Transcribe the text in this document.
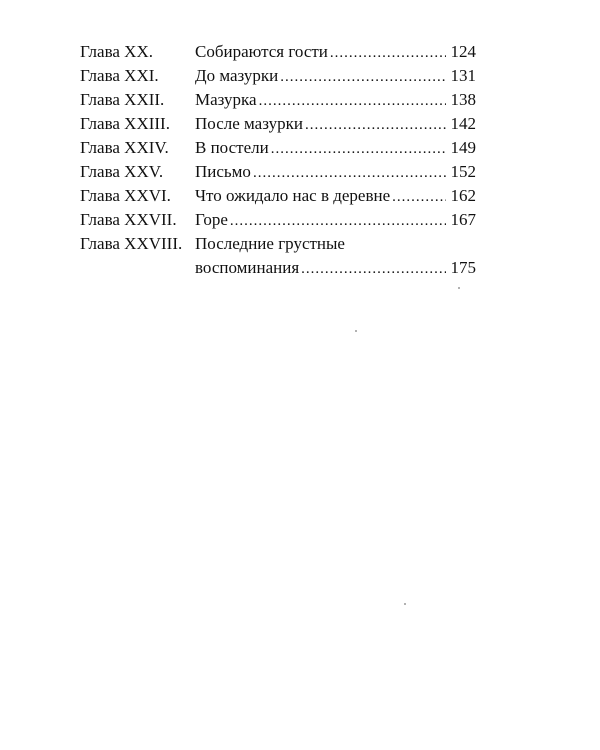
Глава XX.	Собираются гости .....	124
Глава XXI.	До мазурки .....	131
Глава XXII.	Мазурка .....	138
Глава XXIII.	После мазурки .....	142
Глава XXIV.	В постели .....	149
Глава XXV.	Письмо .....	152
Глава XXVI.	Что ожидало нас в деревне .....	162
Глава XXVII.	Горе .....	167
Глава XXVIII. Последние грустные
воспоминания .....	175
